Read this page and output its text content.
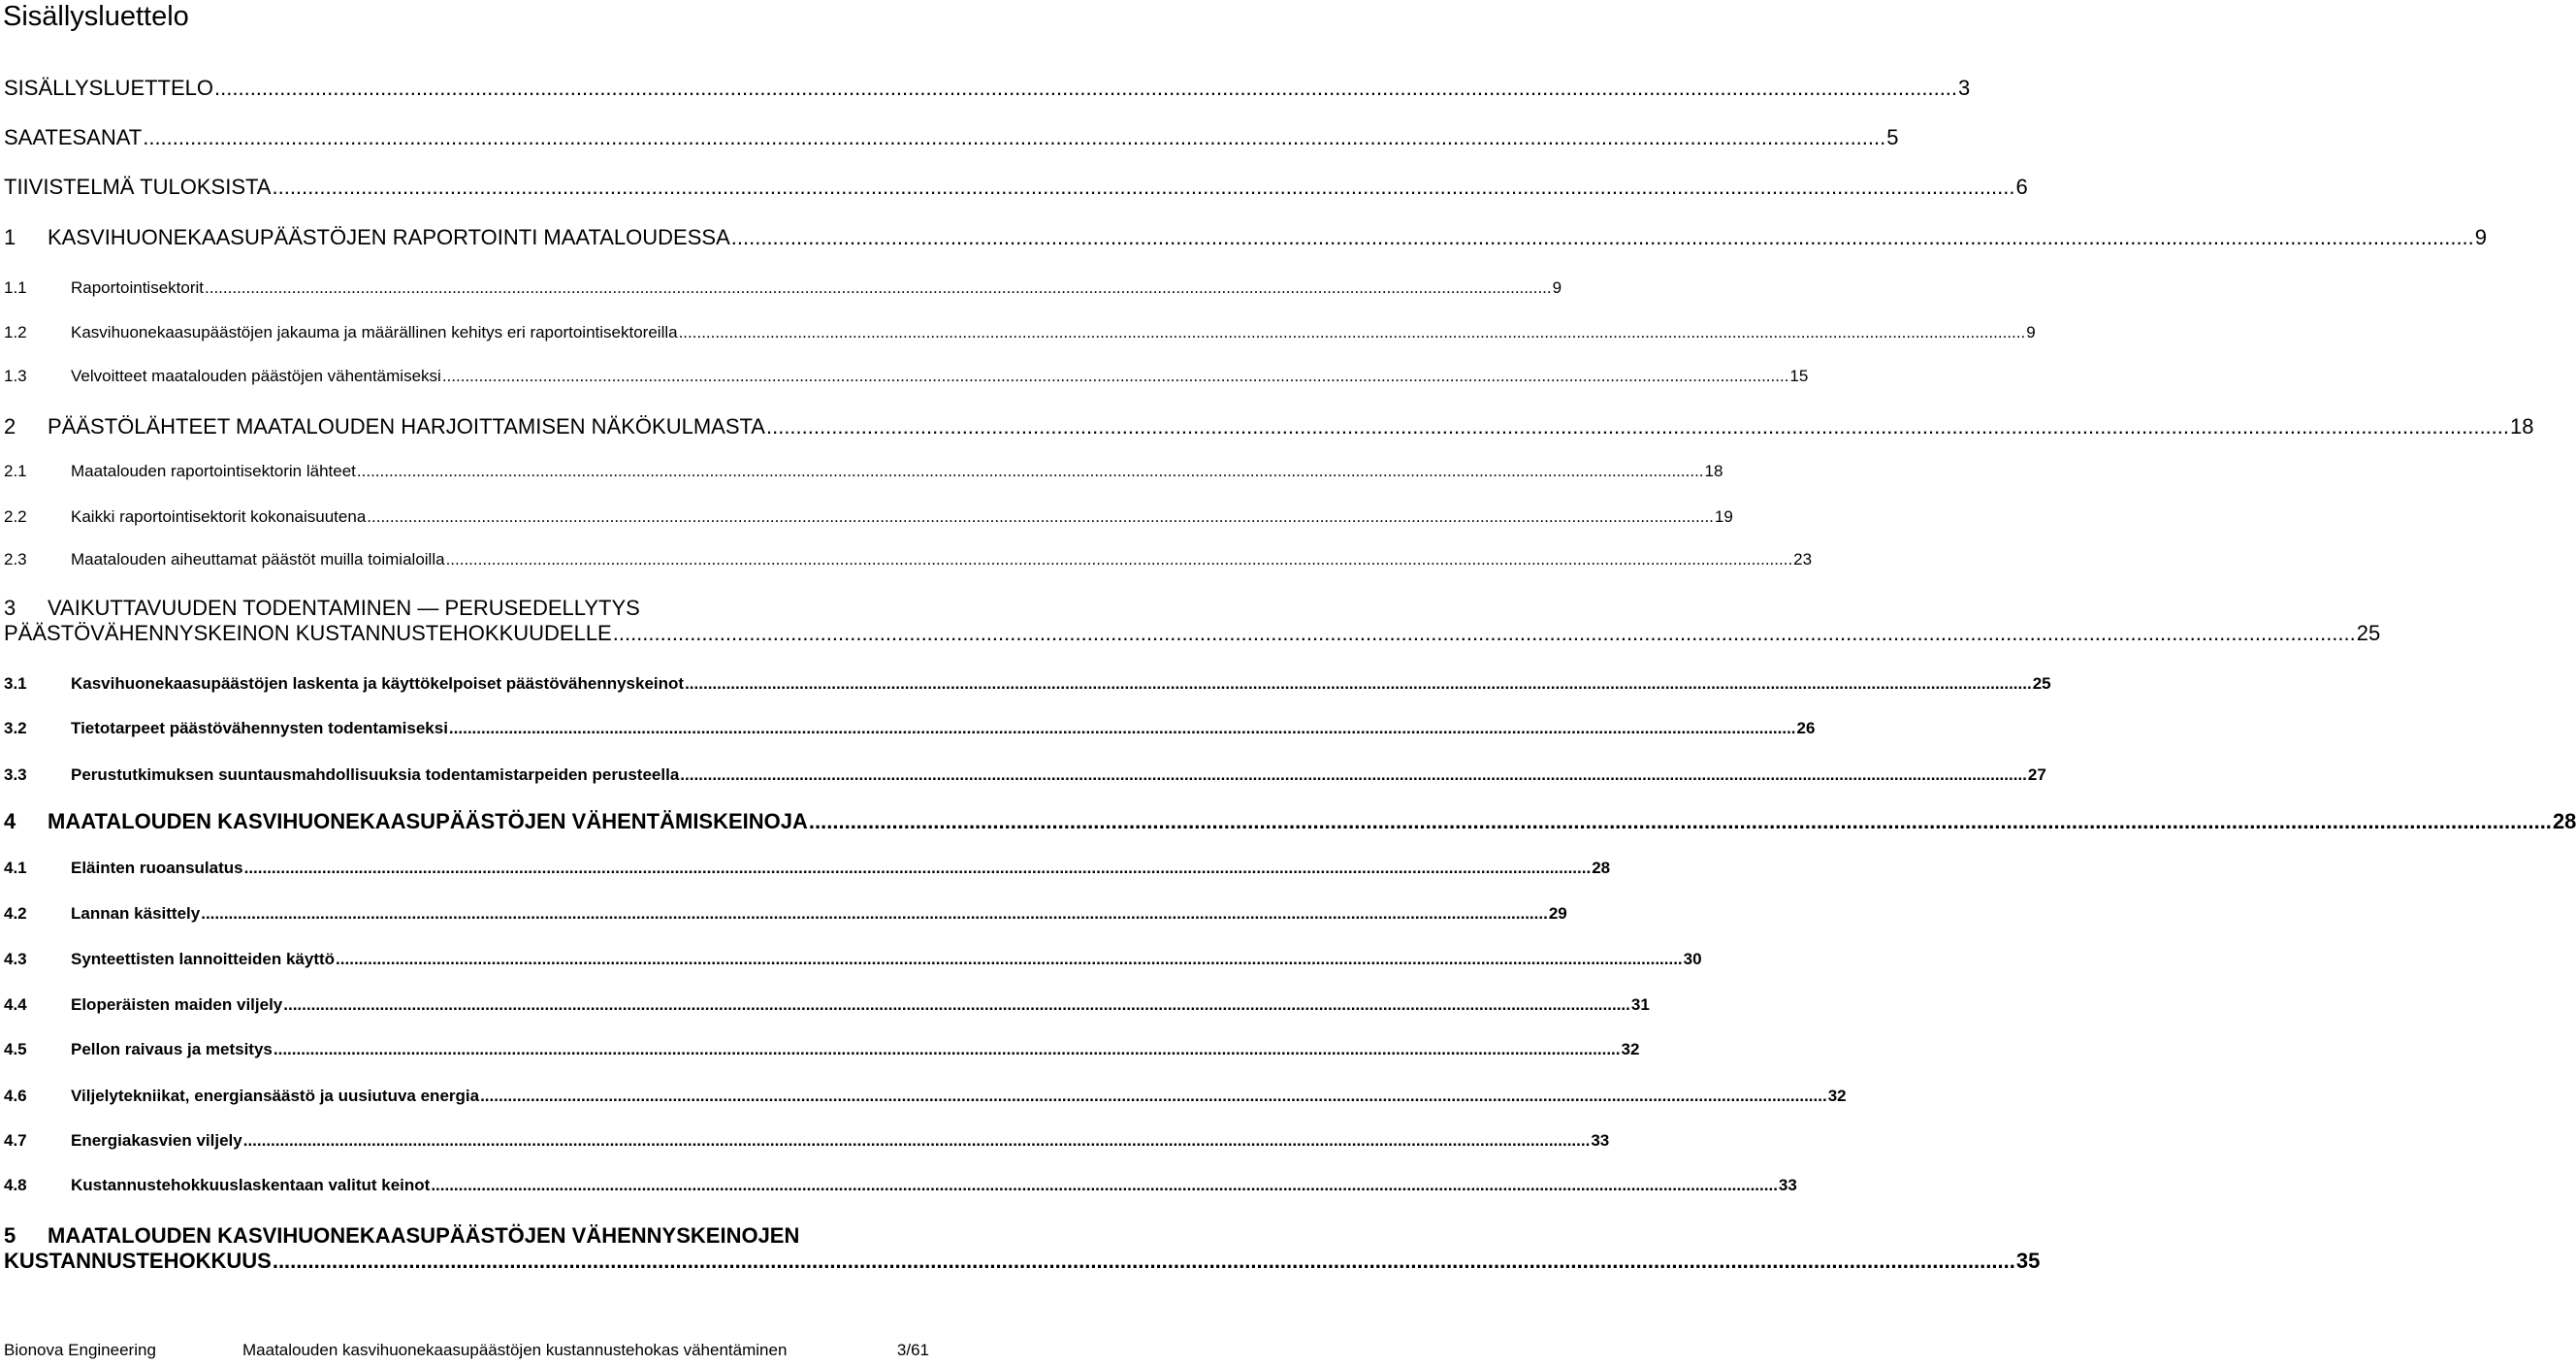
Sisällysluettelo
SISÄLLYSLUETTELO .....	3
SAATESANAT .....	5
TIIVISTELMÄ TULOKSISTA .....	6
1	KASVIHUONEKAASUPÄÄSTÖJEN RAPORTOINTI MAATALOUDESSA .....	9
1.1	Raportointisektorit .....	9
1.2	Kasvihuonekaasupäästöjen jakauma ja määrällinen kehitys eri raportointisektoreilla .....	9
1.3	Velvoitteet maatalouden päästöjen vähentämiseksi .....	15
2	PÄÄSTÖLÄHTEET MAATALOUDEN HARJOITTAMISEN NÄKÖKULMASTA .....	18
2.1	Maatalouden raportointisektorin lähteet .....	18
2.2	Kaikki raportointisektorit kokonaisuutena .....	19
2.3	Maatalouden aiheuttamat päästöt muilla toimialoilla .....	23
3 VAIKUTTAVUUDEN TODENTAMINEN — PERUSEDELLYTYS
PÄÄSTÖVÄHENNYSKEINON KUSTANNUSTEHOKKUUDELLE .....	25
3.1	Kasvihuonekaasupäästöjen laskenta ja käyttökelpoiset päästövähennyskeinot .....	25
3.2	Tietotarpeet päästövähennysten todentamiseksi .....	26
3.3	Perustutkimuksen suuntausmahdollisuuksia todentamistarpeiden perusteella .....	27
4	MAATALOUDEN KASVIHUONEKAASUPÄÄSTÖJEN VÄHENTÄMISKEINOJA .....	28
4.1	Eläinten ruoansulatus .....	28
4.2	Lannan käsittely .....	29
4.3	Synteettisten lannoitteiden käyttö .....	30
4.4	Eloperäisten maiden viljely .....	31
4.5	Pellon raivaus ja metsitys .....	32
4.6	Viljelytekniikat, energiansäästö ja uusiutuva energia .....	32
4.7	Energiakasvien viljely .....	33
4.8	Kustannustehokkuuslaskentaan valitut keinot .....	33
5 MAATALOUDEN KASVIHUONEKAASUPÄÄSTÖJEN VÄHENNYSKEINOJEN
KUSTANNUSTEHOKKUUS .....	35
Bionova Engineering	Maatalouden kasvihuonekaasupäästöjen kustannustehokas vähentäminen	3/61
